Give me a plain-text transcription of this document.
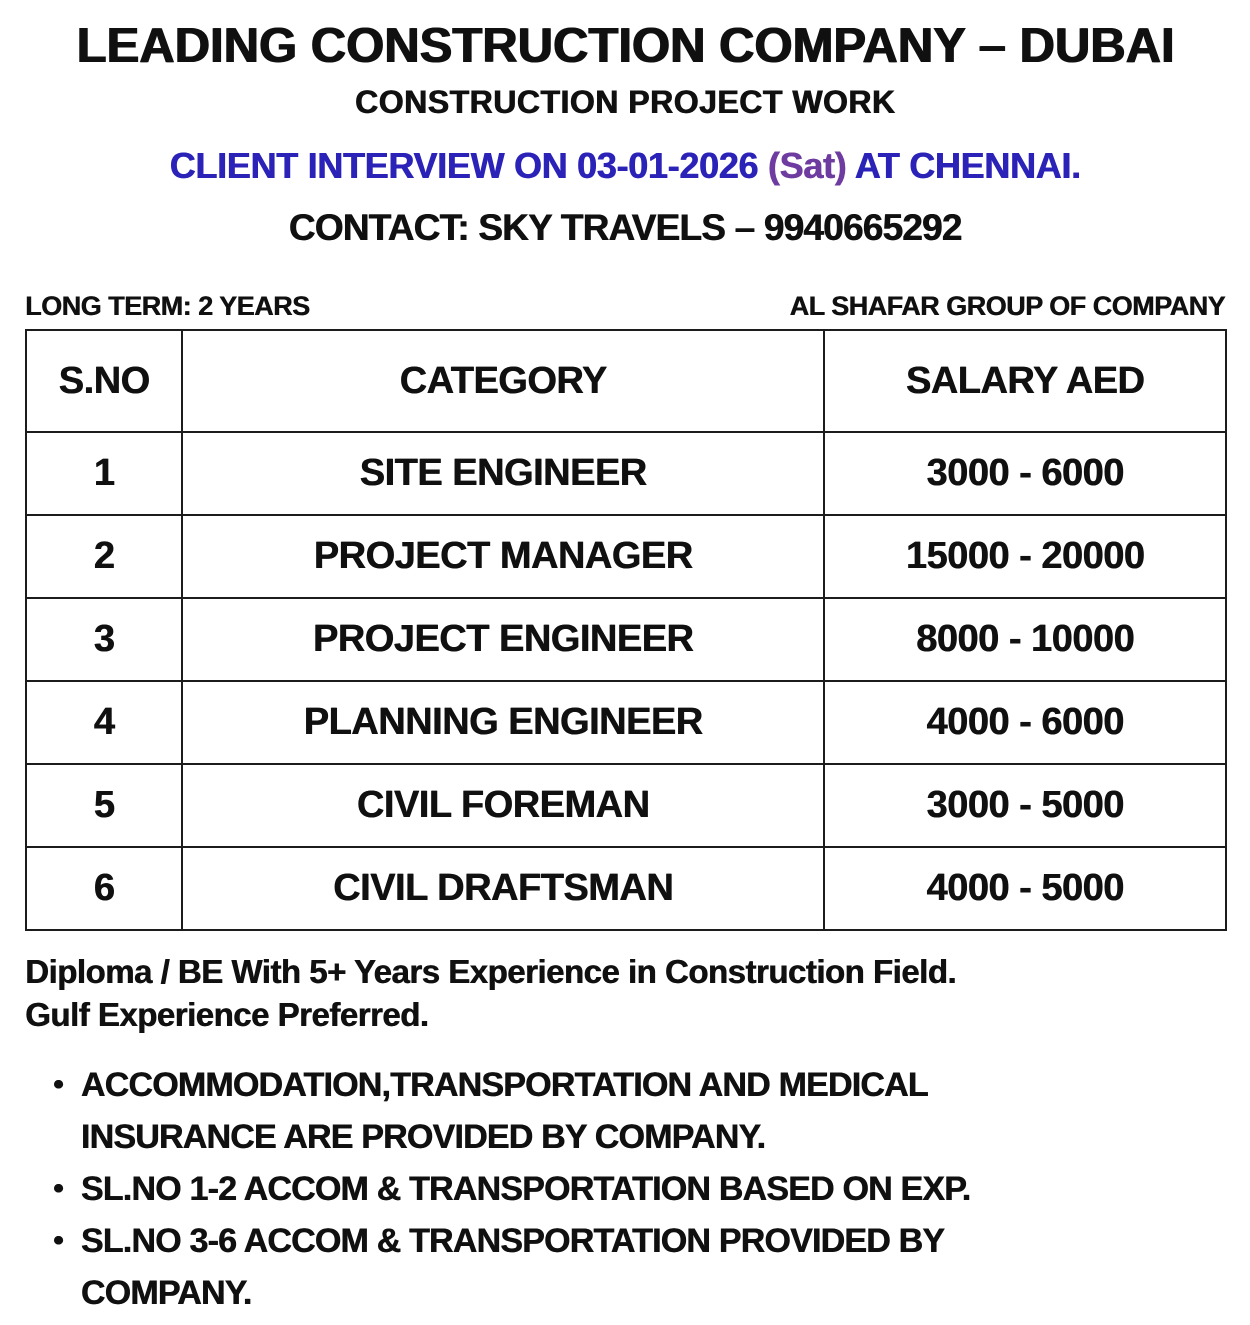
LEADING CONSTRUCTION COMPANY – DUBAI
CONSTRUCTION PROJECT WORK
CLIENT INTERVIEW ON 03-01-2026 (Sat) AT CHENNAI.
CONTACT: SKY TRAVELS – 9940665292
LONG TERM: 2 YEARS	AL SHAFAR GROUP OF COMPANY
S.NO	CATEGORY	SALARY AED
1	SITE ENGINEER	3000 - 6000
2	PROJECT MANAGER	15000 - 20000
3	PROJECT ENGINEER	8000 - 10000
4	PLANNING ENGINEER	4000 - 6000
5	CIVIL FOREMAN	3000 - 5000
6	CIVIL DRAFTSMAN	4000 - 5000
Diploma / BE With 5+ Years Experience in Construction Field.
Gulf Experience Preferred.
• ACCOMMODATION,TRANSPORTATION AND MEDICAL
INSURANCE ARE PROVIDED BY COMPANY.
• SL.NO 1-2 ACCOM & TRANSPORTATION BASED ON EXP.
• SL.NO 3-6 ACCOM & TRANSPORTATION PROVIDED BY
COMPANY.
